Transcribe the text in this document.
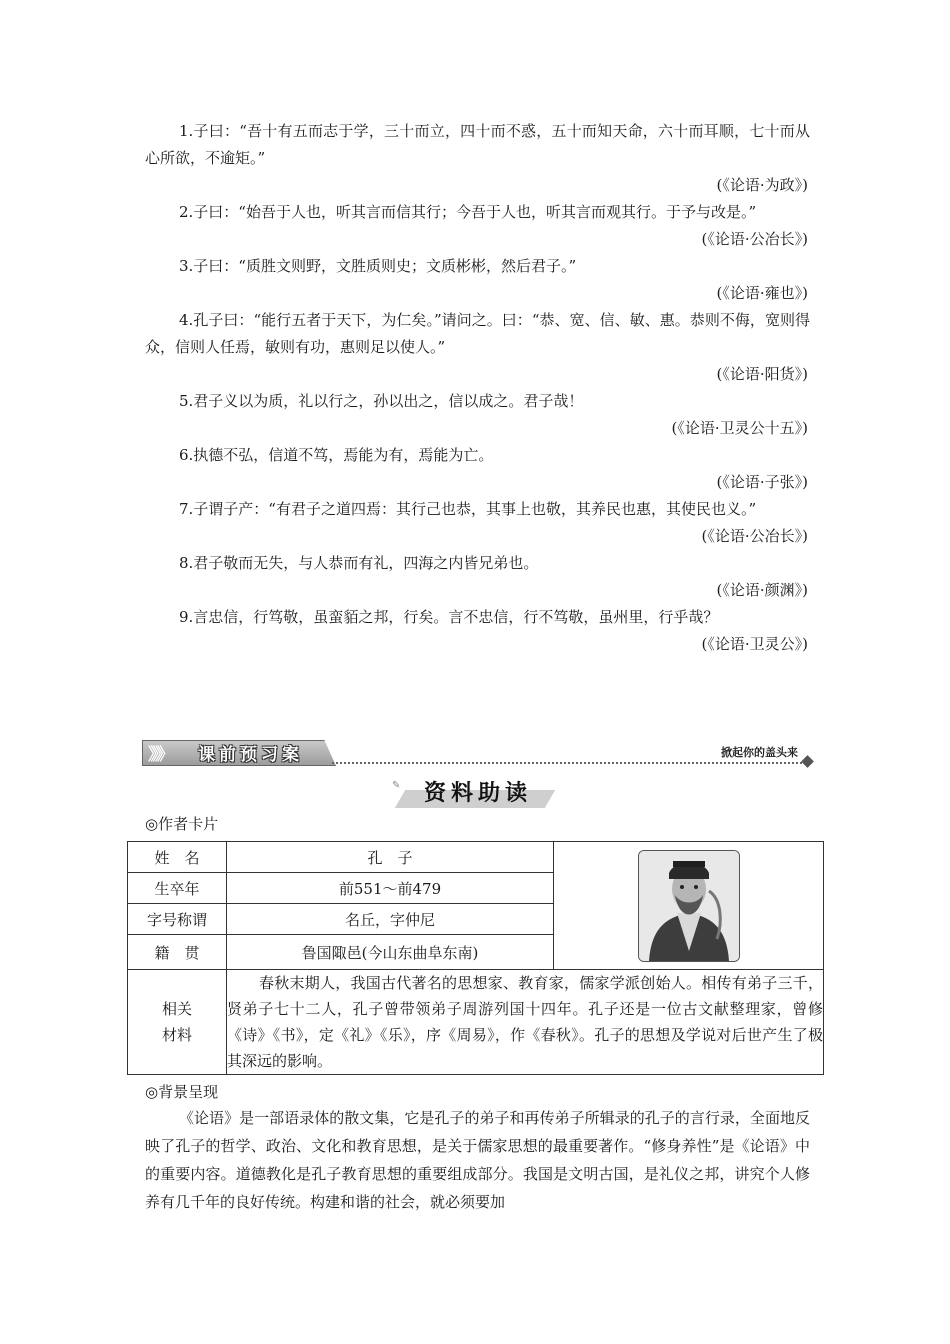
1.子曰：“吾十有五而志于学，三十而立，四十而不惑，五十而知天命，六十而耳顺，七十而从心所欲，不逾矩。”

(《论语·为政》)

2.子曰：“始吾于人也，听其言而信其行；今吾于人也，听其言而观其行。于予与改是。”

(《论语·公冶长》)

3.子曰：“质胜文则野，文胜质则史；文质彬彬，然后君子。”

(《论语·雍也》)

4.孔子曰：“能行五者于天下，为仁矣。”请问之。曰：“恭、宽、信、敏、惠。恭则不侮，宽则得众，信则人任焉，敏则有功，惠则足以使人。”

(《论语·阳货》)

5.君子义以为质，礼以行之，孙以出之，信以成之。君子哉！

(《论语·卫灵公十五》)

6.执德不弘，信道不笃，焉能为有，焉能为亡。

(《论语·子张》)

7.子谓子产：“有君子之道四焉：其行己也恭，其事上也敬，其养民也惠，其使民也义。”

(《论语·公冶长》)

8.君子敬而无失，与人恭而有礼，四海之内皆兄弟也。

(《论语·颜渊》)

9.言忠信，行笃敬，虽蛮貊之邦，行矣。言不忠信，行不笃敬，虽州里，行乎哉？

(《论语·卫灵公》)

》》》 课前预习案	掀起你的盖头来
✎ 资料助读
◎作者卡片
姓　名	孔　子	

生卒年	前551～前479	
字号称谓	名丘，字仲尼	
籍　贯	鲁国陬邑(今山东曲阜东南)	

相关
材料	春秋末期人，我国古代著名的思想家、教育家，儒家学派创始人。相传有弟子三千，贤弟子七十二人，孔子曾带领弟子周游列国十四年。孔子还是一位古文献整理家，曾修《诗》《书》，定《礼》《乐》，序《周易》，作《春秋》。孔子的思想及学说对后世产生了极其深远的影响。	
◎背景呈现

《论语》是一部语录体的散文集，它是孔子的弟子和再传弟子所辑录的孔子的言行录，全面地反映了孔子的哲学、政治、文化和教育思想，是关于儒家思想的最重要著作。“修身养性”是《论语》中的重要内容。道德教化是孔子教育思想的重要组成部分。我国是文明古国，是礼仪之邦，讲究个人修养有几千年的良好传统。构建和谐的社会，就必须要加
